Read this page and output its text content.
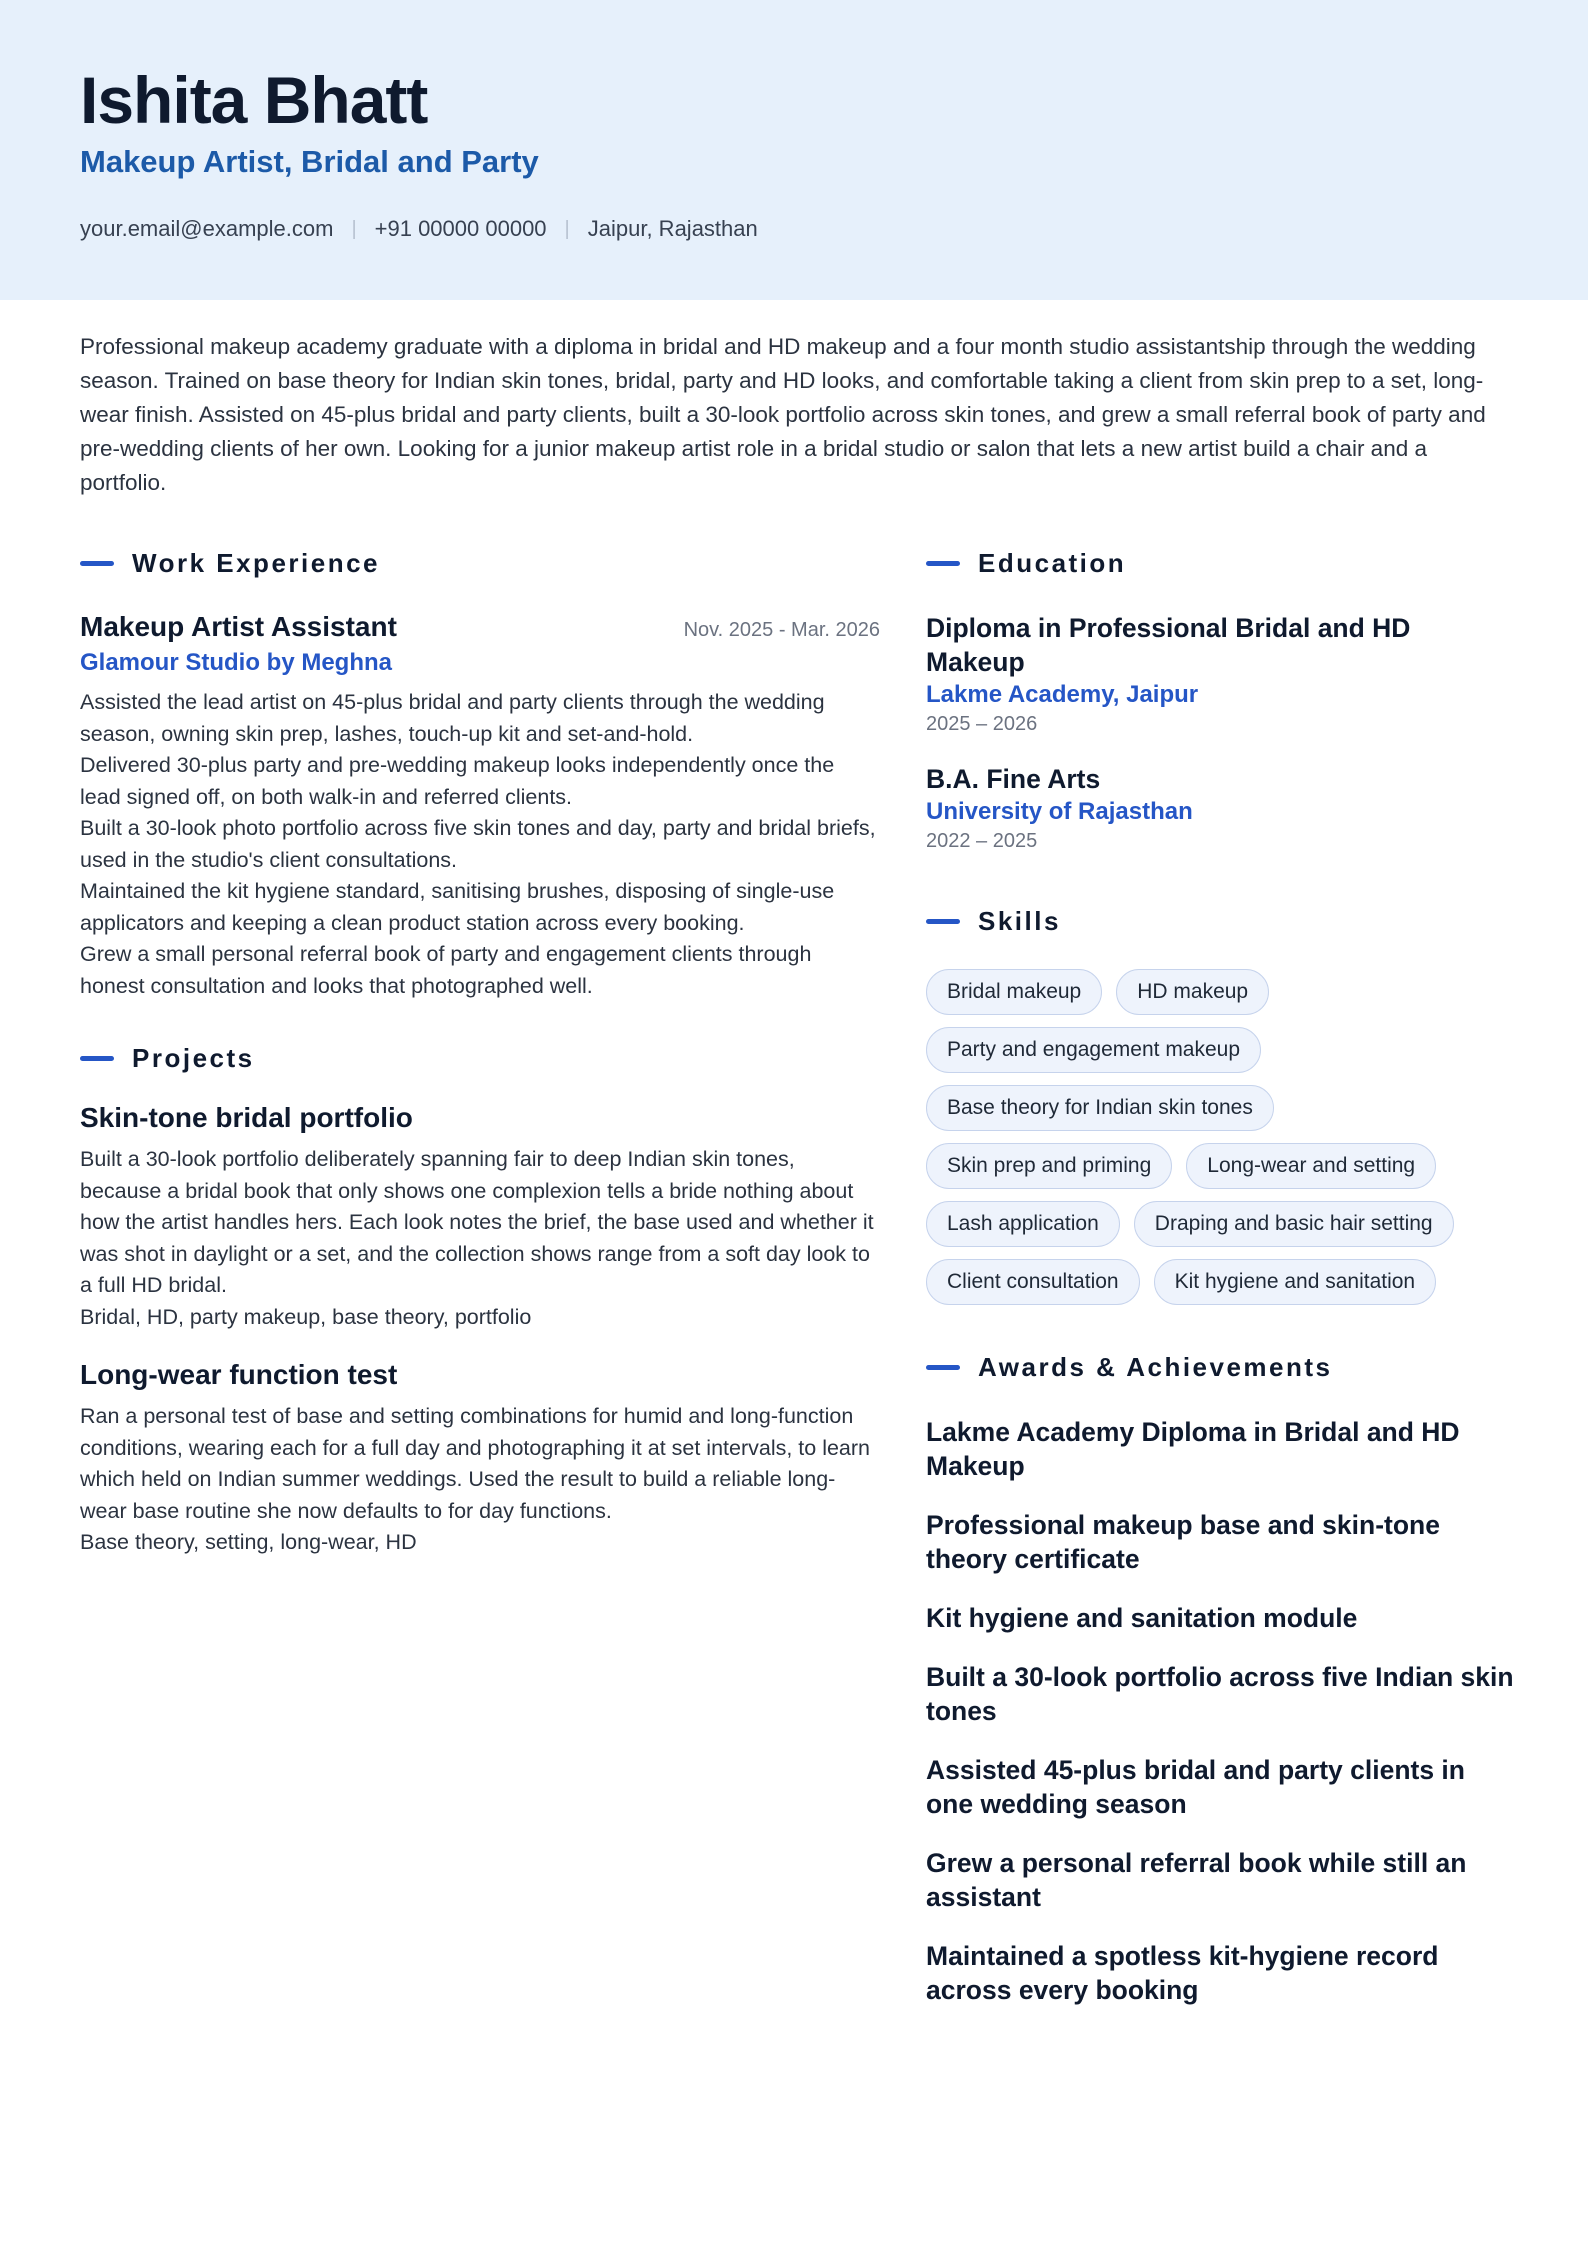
Ishita Bhatt
Makeup Artist, Bridal and Party
your.email@example.com | +91 00000 00000 | Jaipur, Rajasthan

Professional makeup academy graduate with a diploma in bridal and HD makeup and a four month studio assistantship through the wedding season. Trained on base theory for Indian skin tones, bridal, party and HD looks, and comfortable taking a client from skin prep to a set, long-wear finish. Assisted on 45-plus bridal and party clients, built a 30-look portfolio across skin tones, and grew a small referral book of party and pre-wedding clients of her own. Looking for a junior makeup artist role in a bridal studio or salon that lets a new artist build a chair and a portfolio.

Work Experience
Makeup Artist Assistant	Nov. 2025 - Mar. 2026
Glamour Studio by Meghna
Assisted the lead artist on 45-plus bridal and party clients through the wedding season, owning skin prep, lashes, touch-up kit and set-and-hold.
Delivered 30-plus party and pre-wedding makeup looks independently once the lead signed off, on both walk-in and referred clients.
Built a 30-look photo portfolio across five skin tones and day, party and bridal briefs, used in the studio's client consultations.
Maintained the kit hygiene standard, sanitising brushes, disposing of single-use applicators and keeping a clean product station across every booking.
Grew a small personal referral book of party and engagement clients through honest consultation and looks that photographed well.
Projects
Skin-tone bridal portfolio
Built a 30-look portfolio deliberately spanning fair to deep Indian skin tones, because a bridal book that only shows one complexion tells a bride nothing about how the artist handles hers. Each look notes the brief, the base used and whether it was shot in daylight or a set, and the collection shows range from a soft day look to a full HD bridal.
Bridal, HD, party makeup, base theory, portfolio
Long-wear function test
Ran a personal test of base and setting combinations for humid and long-function conditions, wearing each for a full day and photographing it at set intervals, to learn which held on Indian summer weddings. Used the result to build a reliable long-wear base routine she now defaults to for day functions.
Base theory, setting, long-wear, HD
Education
Diploma in Professional Bridal and HD Makeup
Lakme Academy, Jaipur
2025 – 2026
B.A. Fine Arts
University of Rajasthan
2022 – 2025
Skills
Bridal makeup	HD makeup
Party and engagement makeup
Base theory for Indian skin tones
Skin prep and priming	Long-wear and setting
Lash application	Draping and basic hair setting
Client consultation	Kit hygiene and sanitation
Awards & Achievements
Lakme Academy Diploma in Bridal and HD Makeup
Professional makeup base and skin-tone theory certificate
Kit hygiene and sanitation module
Built a 30-look portfolio across five Indian skin tones
Assisted 45-plus bridal and party clients in one wedding season
Grew a personal referral book while still an assistant
Maintained a spotless kit-hygiene record across every booking
